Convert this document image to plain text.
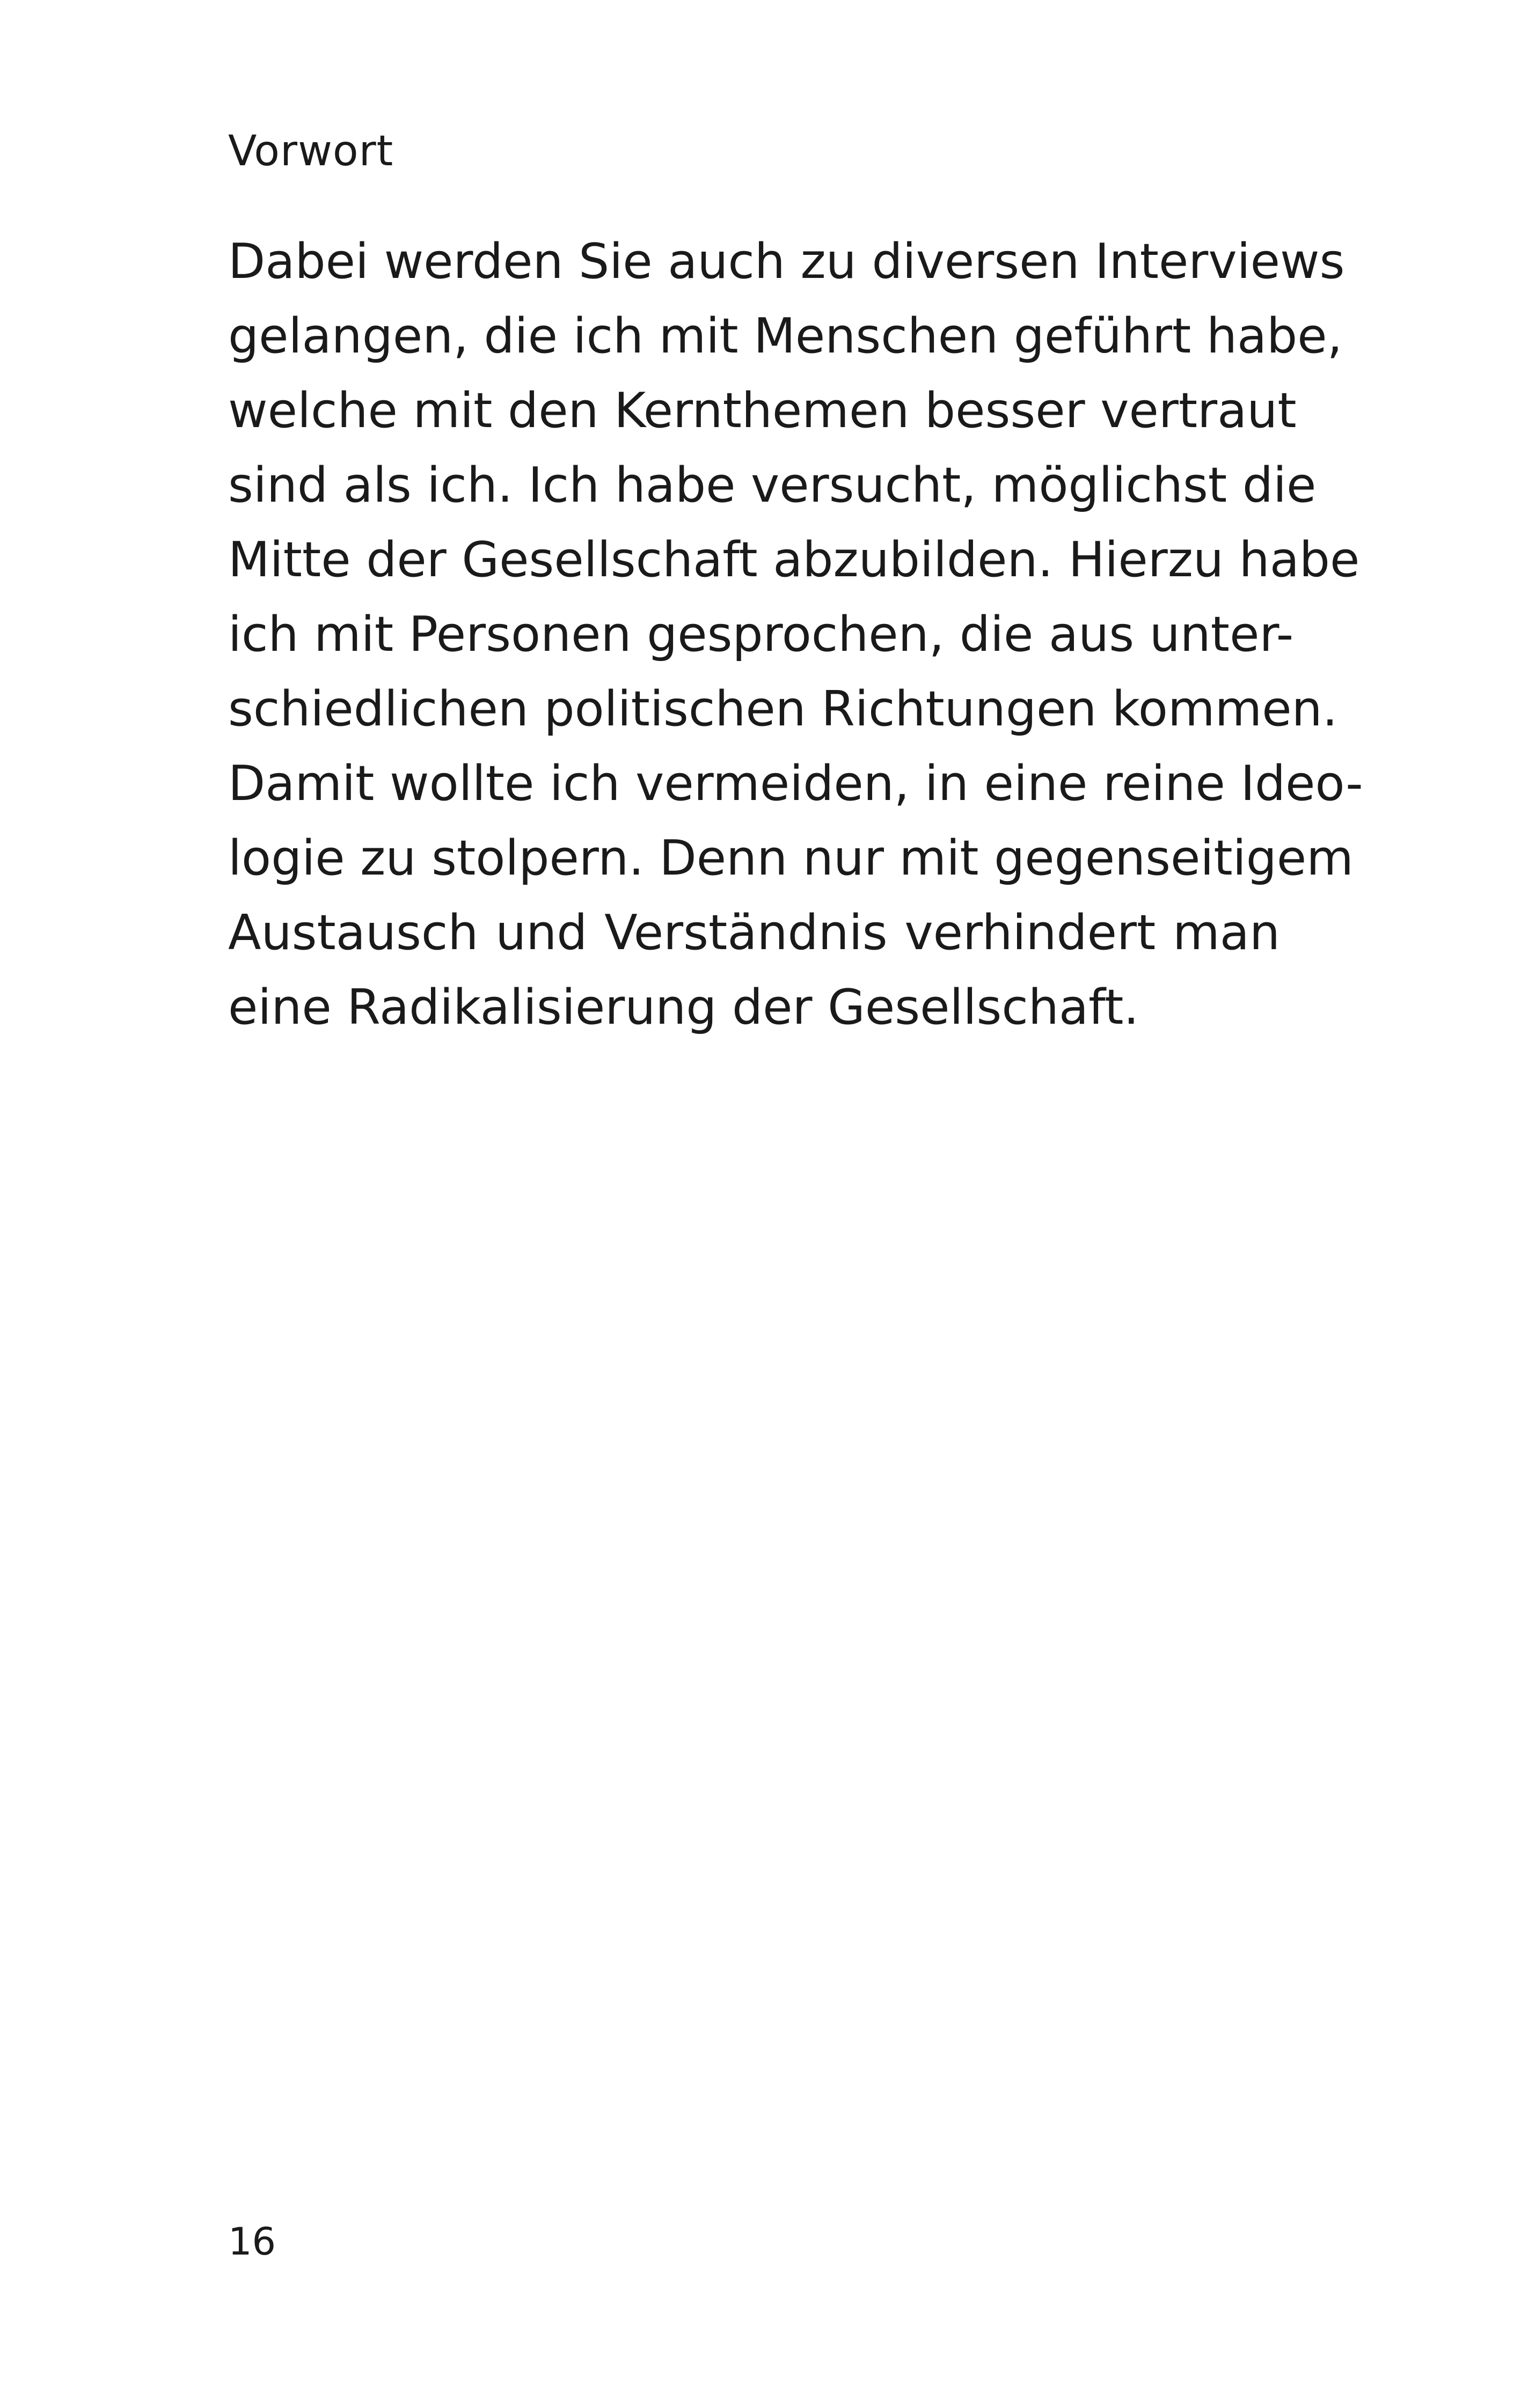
Vorwort
Dabei werden Sie auch zu diversen Interviews
gelangen, die ich mit Menschen geführt habe,
welche mit den Kernthemen besser vertraut
sind als ich. Ich habe versucht, möglichst die
Mitte der Gesellschaft abzubilden. Hierzu habe
ich mit Personen gesprochen, die aus unter-
schiedlichen politischen Richtungen kommen.
Damit wollte ich vermeiden, in eine reine Ideo-
logie zu stolpern. Denn nur mit gegenseitigem
Austausch und Verständnis verhindert man
eine Radikalisierung der Gesellschaft.
16
